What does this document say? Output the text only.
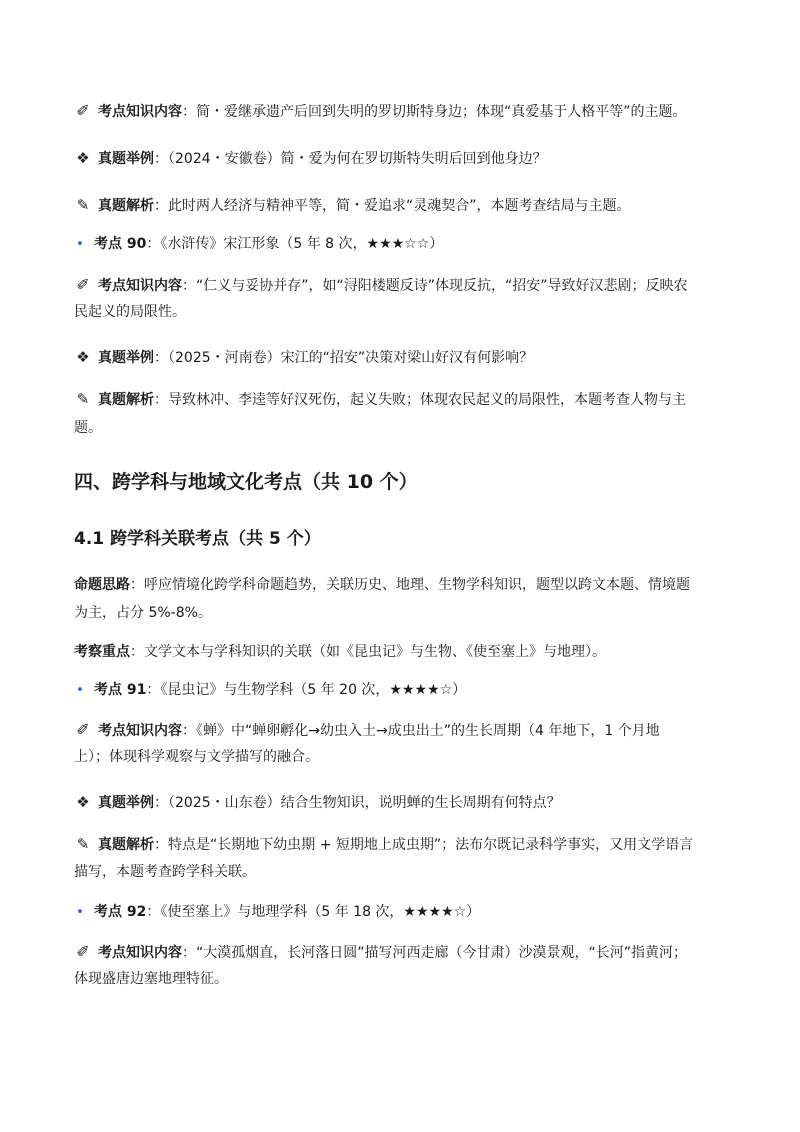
✐ 考点知识内容：简・爱继承遗产后回到失明的罗切斯特身边；体现“真爱基于人格平等”的主题。
❖ 真题举例：（2024・安徽卷）简・爱为何在罗切斯特失明后回到他身边？
✎ 真题解析：此时两人经济与精神平等，简・爱追求“灵魂契合”，本题考查结局与主题。
• 考点 90：《水浒传》宋江形象（5 年 8 次，★★★☆☆）
✐ 考点知识内容：“仁义与妥协并存”，如“浔阳楼题反诗”体现反抗，“招安”导致好汉悲剧；反映农
民起义的局限性。
❖ 真题举例：（2025・河南卷）宋江的“招安”决策对梁山好汉有何影响？
✎ 真题解析：导致林冲、李逵等好汉死伤，起义失败；体现农民起义的局限性，本题考查人物与主
题。
四、跨学科与地域文化考点（共 10 个）
4.1 跨学科关联考点（共 5 个）
命题思路：呼应情境化跨学科命题趋势，关联历史、地理、生物学科知识，题型以跨文本题、情境题
为主，占分 5%-8%。
考察重点：文学文本与学科知识的关联（如《昆虫记》与生物、《使至塞上》与地理）。
• 考点 91：《昆虫记》与生物学科（5 年 20 次，★★★★☆）
✐ 考点知识内容：《蝉》中“蝉卵孵化→幼虫入土→成虫出土”的生长周期（4 年地下，1 个月地
上）；体现科学观察与文学描写的融合。
❖ 真题举例：（2025・山东卷）结合生物知识，说明蝉的生长周期有何特点？
✎ 真题解析：特点是“长期地下幼虫期 + 短期地上成虫期”；法布尔既记录科学事实，又用文学语言
描写，本题考查跨学科关联。
• 考点 92：《使至塞上》与地理学科（5 年 18 次，★★★★☆）
✐ 考点知识内容：“大漠孤烟直，长河落日圆”描写河西走廊（今甘肃）沙漠景观，“长河”指黄河；
体现盛唐边塞地理特征。
